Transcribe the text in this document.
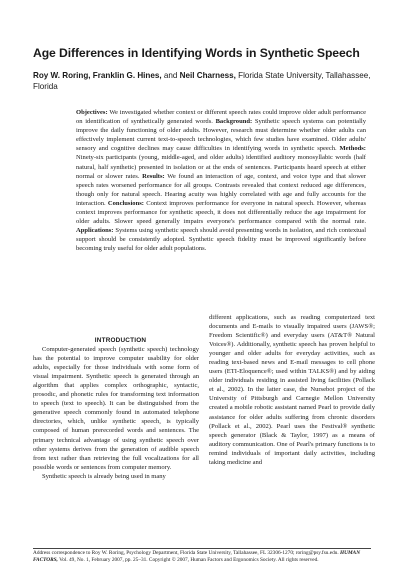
Age Differences in Identifying Words in Synthetic Speech
Roy W. Roring, Franklin G. Hines, and Neil Charness, Florida State University, Tallahassee, Florida
Objectives: We investigated whether context or different speech rates could improve older adult performance on identification of synthetically generated words. Background: Synthetic speech systems can potentially improve the daily functioning of older adults. However, research must determine whether older adults can effectively implement current text-to-speech technologies, which few studies have examined. Older adults' sensory and cognitive declines may cause difficulties in identifying words in synthetic speech. Methods: Ninety-six participants (young, middle-aged, and older adults) identified auditory monosyllabic words (half natural, half synthetic) presented in isolation or at the ends of sentences. Participants heard speech at either normal or slower rates. Results: We found an interaction of age, context, and voice type and that slower speech rates worsened performance for all groups. Contrasts revealed that context reduced age differences, though only for natural speech. Hearing acuity was highly correlated with age and fully accounts for the interaction. Conclusions: Context improves performance for everyone in natural speech. However, whereas context improves performance for synthetic speech, it does not differentially reduce the age impairment for older adults. Slower speed generally impairs everyone's performance compared with the normal rate. Applications: Systems using synthetic speech should avoid presenting words in isolation, and rich contextual support should be consistently adopted. Synthetic speech fidelity must be improved significantly before becoming truly useful for older adult populations.

INTRODUCTION

Computer-generated speech (synthetic speech) technology has the potential to improve computer usability for older adults, especially for those individuals with some form of visual impairment. Synthetic speech is generated through an algorithm that applies complex orthographic, syntactic, prosodic, and phonetic rules for transforming text information to speech (text to speech). It can be distinguished from the generative speech commonly found in automated telephone directories, which, unlike synthetic speech, is typically composed of human prerecorded words and sentences. The primary technical advantage of using synthetic speech over other systems derives from the generation of audible speech from text rather than retrieving the full vocalizations for all possible words or sentences from computer memory.

Synthetic speech is already being used in many

different applications, such as reading computerized text documents and E-mails to visually impaired users (JAWS®; Freedom Scientific®) and everyday users (AT&T® Natural Voices®). Additionally, synthetic speech has proven helpful to younger and older adults for everyday activities, such as reading text-based news and E-mail messages to cell phone users (ETI-Eloquence®; used within TALKS®) and by aiding older individuals residing in assisted living facilities (Pollack et al., 2002). In the latter case, the Nursebot project of the University of Pittsburgh and Carnegie Mellon University created a mobile robotic assistant named Pearl to provide daily assistance for older adults suffering from chronic disorders (Pollack et al., 2002). Pearl uses the Festival® synthetic speech generator (Black & Taylor, 1997) as a means of auditory communication. One of Pearl's primary functions is to remind individuals of important daily activities, including taking medicine and

Address correspondence to Roy W. Roring, Psychology Department, Florida State University, Tallahassee, FL 32306-1270; roring@psy.fsu.edu. HUMAN FACTORS, Vol. 49, No. 1, February 2007, pp. 25–31. Copyright © 2007, Human Factors and Ergonomics Society. All rights reserved.
